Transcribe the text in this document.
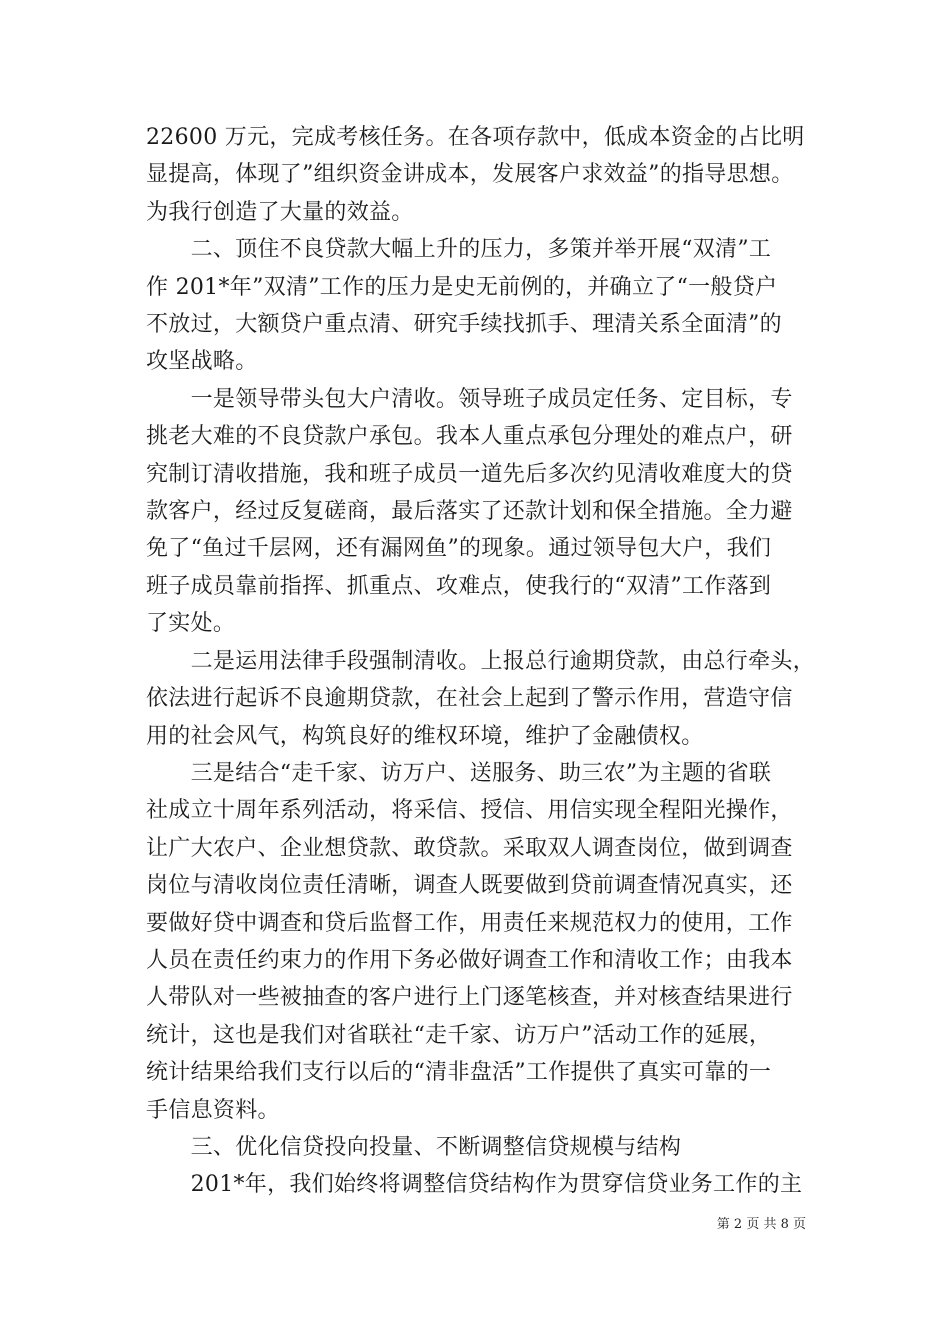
22600 万元，完成考核任务。在各项存款中，低成本资金的占比明
显提高，体现了”组织资金讲成本，发展客户求效益”的指导思想。
为我行创造了大量的效益。

　　二、顶住不良贷款大幅上升的压力，多策并举开展“双清”工
作 201*年”双清”工作的压力是史无前例的，并确立了“一般贷户
不放过，大额贷户重点清、研究手续找抓手、理清关系全面清”的
攻坚战略。

　　一是领导带头包大户清收。领导班子成员定任务、定目标，专
挑老大难的不良贷款户承包。我本人重点承包分理处的难点户，研
究制订清收措施，我和班子成员一道先后多次约见清收难度大的贷
款客户，经过反复磋商，最后落实了还款计划和保全措施。全力避
免了“鱼过千层网，还有漏网鱼”的现象。通过领导包大户，我们
班子成员靠前指挥、抓重点、攻难点，使我行的“双清”工作落到
了实处。

　　二是运用法律手段强制清收。上报总行逾期贷款，由总行牵头，
依法进行起诉不良逾期贷款，在社会上起到了警示作用，营造守信
用的社会风气，构筑良好的维权环境，维护了金融债权。

　　三是结合“走千家、访万户、送服务、助三农”为主题的省联
社成立十周年系列活动，将采信、授信、用信实现全程阳光操作，
让广大农户、企业想贷款、敢贷款。采取双人调查岗位，做到调查
岗位与清收岗位责任清晰，调查人既要做到贷前调查情况真实，还
要做好贷中调查和贷后监督工作，用责任来规范权力的使用，工作
人员在责任约束力的作用下务必做好调查工作和清收工作；由我本
人带队对一些被抽查的客户进行上门逐笔核查，并对核查结果进行
统计，这也是我们对省联社“走千家、访万户”活动工作的延展，
统计结果给我们支行以后的“清非盘活”工作提供了真实可靠的一
手信息资料。

　　三、优化信贷投向投量、不断调整信贷规模与结构

　　201*年，我们始终将调整信贷结构作为贯穿信贷业务工作的主

第 2 页 共 8 页
